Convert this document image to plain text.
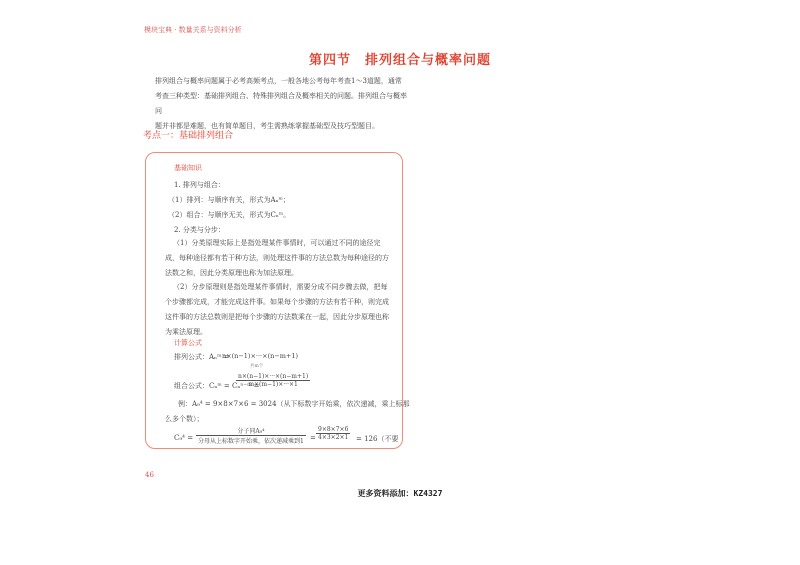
模块宝典 · 数量关系与资料分析
第四节　排列组合与概率问题

排列组合与概率问题属于必考高频考点，一般各地公考每年考查1～3道题，通常

考查三种类型：基础排列组合、特殊排列组合及概率相关的问题。排列组合与概率问

题并非都是难题，也有简单题目，考生需熟练掌握基础型及技巧型题目。

考点一：基础排列组合
基础知识
1. 排列与组合：
（1）排列：与顺序有关，形式为Aₙᵐ；
（2）组合：与顺序无关，形式为Cₙᵐ。
2. 分类与分步：
（1）分类原理实际上是指处理某件事情时，可以通过不同的途径完成，每种途径都有若干种方法，则处理这件事的方法总数为每种途径的方法数之和，因此分类原理也称为加法原理。
（2）分步原理则是指处理某件事情时，需要分成不同步骤去做，把每个步骤都完成，才能完成这件事。如果每个步骤的方法有若干种，则完成这件事的方法总数则是把每个步骤的方法数乘在一起，因此分步原理也称为乘法原理。
计算公式
排列公式：Aₙᵐ =
n×(n−1)×···×(n−m+1)
共m个
组合公式：Cₙᵐ = Cₙⁿ⁻ᵐ =
$\frac{n\times(n-1)\times\cdot\cdot\cdot\times(n-m+1)}{m\times(m-1)\times\cdot\cdot\cdot\times 1}$
例：A₉⁴ = 9×8×7×6 = 3024（从下标数字开始乘，依次递减，乘上标那
么多个数）；
C₉⁴ =
分子同A₉⁴
分母从上标数字开始乘，依次递减乘到$1 = \frac{9\times 8\times 7\times 6}{4\times 3\times 2\times 1} = 126$（不要
46
更多资料添加：KZ4327
